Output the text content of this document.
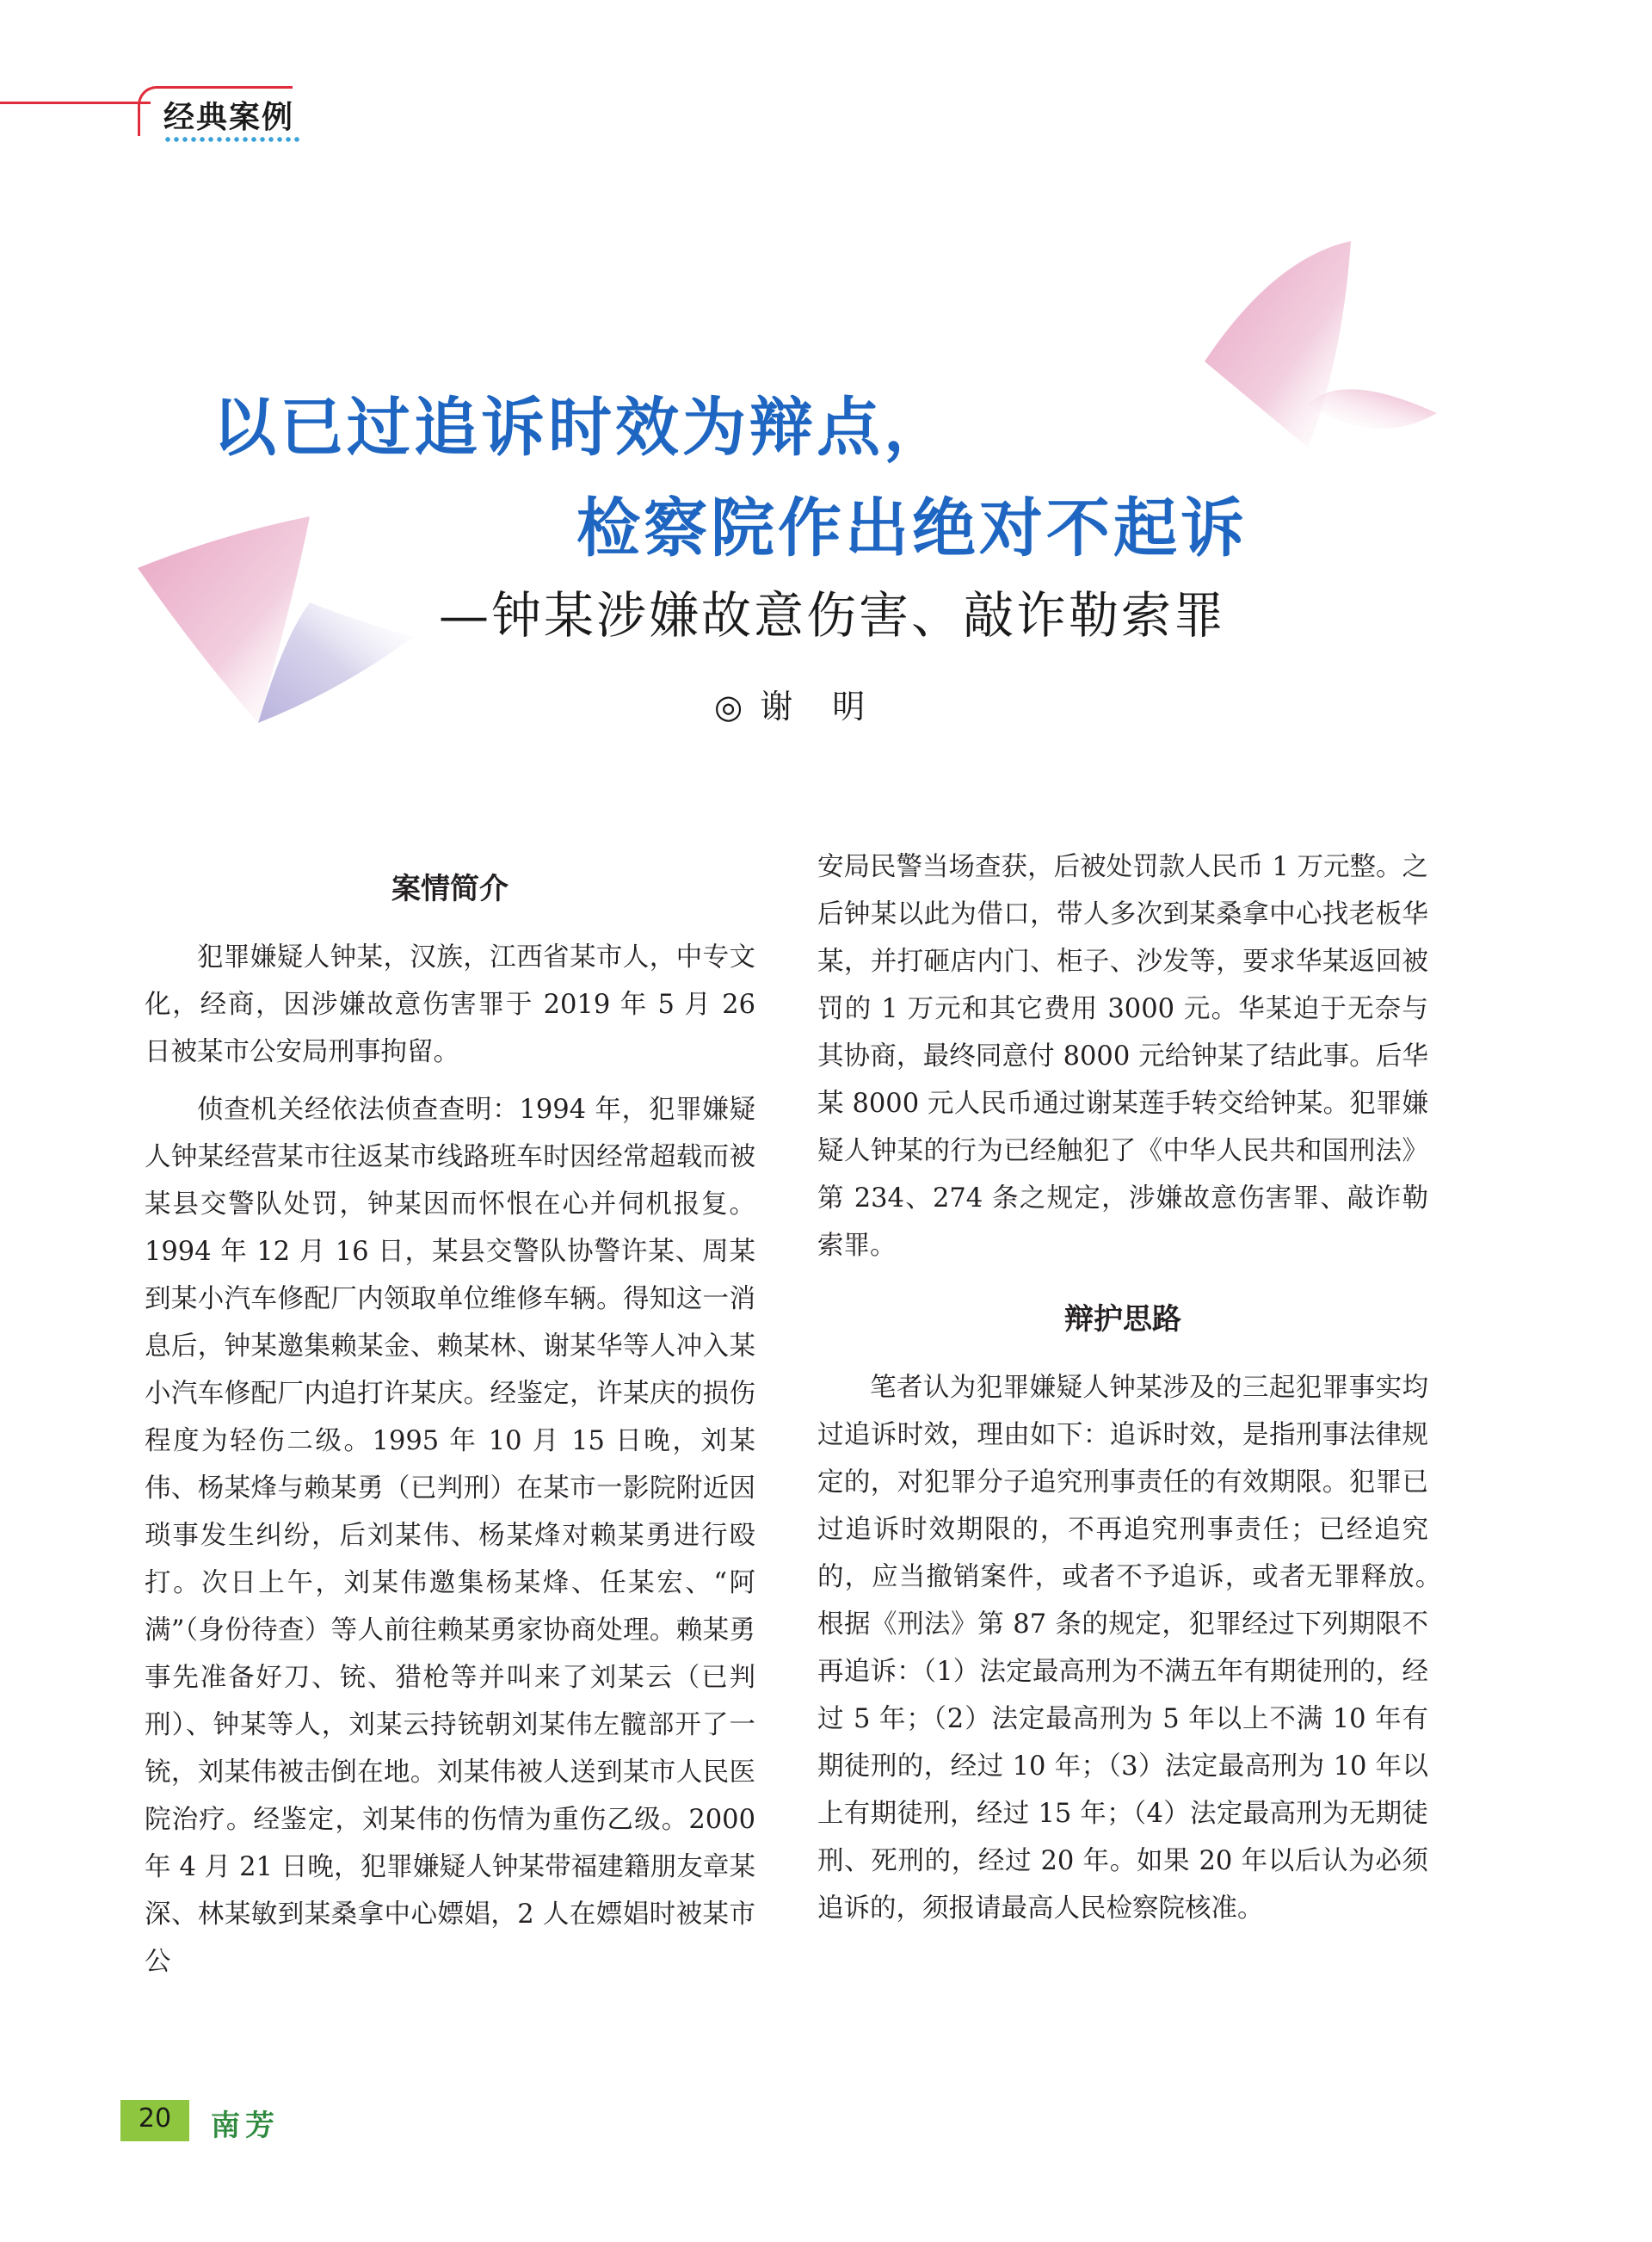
经典案例
以已过追诉时效为辩点，
检察院作出绝对不起诉
—钟某涉嫌故意伤害、敲诈勒索罪
◎ 谢　明
案情简介

犯罪嫌疑人钟某，汉族，江西省某市人，中专文化，经商，因涉嫌故意伤害罪于 2019 年 5 月 26 日被某市公安局刑事拘留。

侦查机关经依法侦查查明：1994 年，犯罪嫌疑人钟某经营某市往返某市线路班车时因经常超载而被某县交警队处罚，钟某因而怀恨在心并伺机报复。1994 年 12 月 16 日，某县交警队协警许某、周某到某小汽车修配厂内领取单位维修车辆。得知这一消息后，钟某邀集赖某金、赖某林、谢某华等人冲入某小汽车修配厂内追打许某庆。经鉴定，许某庆的损伤程度为轻伤二级。1995 年 10 月 15 日晚，刘某伟、杨某烽与赖某勇（已判刑）在某市一影院附近因琐事发生纠纷，后刘某伟、杨某烽对赖某勇进行殴打。次日上午，刘某伟邀集杨某烽、任某宏、“阿满”（身份待查）等人前往赖某勇家协商处理。赖某勇事先准备好刀、铳、猎枪等并叫来了刘某云（已判刑）、钟某等人，刘某云持铳朝刘某伟左髋部开了一铳，刘某伟被击倒在地。刘某伟被人送到某市人民医院治疗。经鉴定，刘某伟的伤情为重伤乙级。2000 年 4 月 21 日晚，犯罪嫌疑人钟某带福建籍朋友章某深、林某敏到某桑拿中心嫖娼，2 人在嫖娼时被某市公

安局民警当场查获，后被处罚款人民币 1 万元整。之后钟某以此为借口，带人多次到某桑拿中心找老板华某，并打砸店内门、柜子、沙发等，要求华某返回被罚的 1 万元和其它费用 3000 元。华某迫于无奈与其协商，最终同意付 8000 元给钟某了结此事。后华某 8000 元人民币通过谢某莲手转交给钟某。犯罪嫌疑人钟某的行为已经触犯了《中华人民共和国刑法》第 234、274 条之规定，涉嫌故意伤害罪、敲诈勒索罪。

辩护思路

笔者认为犯罪嫌疑人钟某涉及的三起犯罪事实均过追诉时效，理由如下：追诉时效，是指刑事法律规定的，对犯罪分子追究刑事责任的有效期限。犯罪已过追诉时效期限的，不再追究刑事责任；已经追究的，应当撤销案件，或者不予追诉，或者无罪释放。　根据《刑法》第 87 条的规定，犯罪经过下列期限不再追诉：（1）法定最高刑为不满五年有期徒刑的，经过 5 年；（2）法定最高刑为 5 年以上不满 10 年有期徒刑的，经过 10 年；（3）法定最高刑为 10 年以上有期徒刑，经过 15 年；（4）法定最高刑为无期徒刑、死刑的，经过 20 年。如果 20 年以后认为必须追诉的，须报请最高人民检察院核准。

20	南芳
